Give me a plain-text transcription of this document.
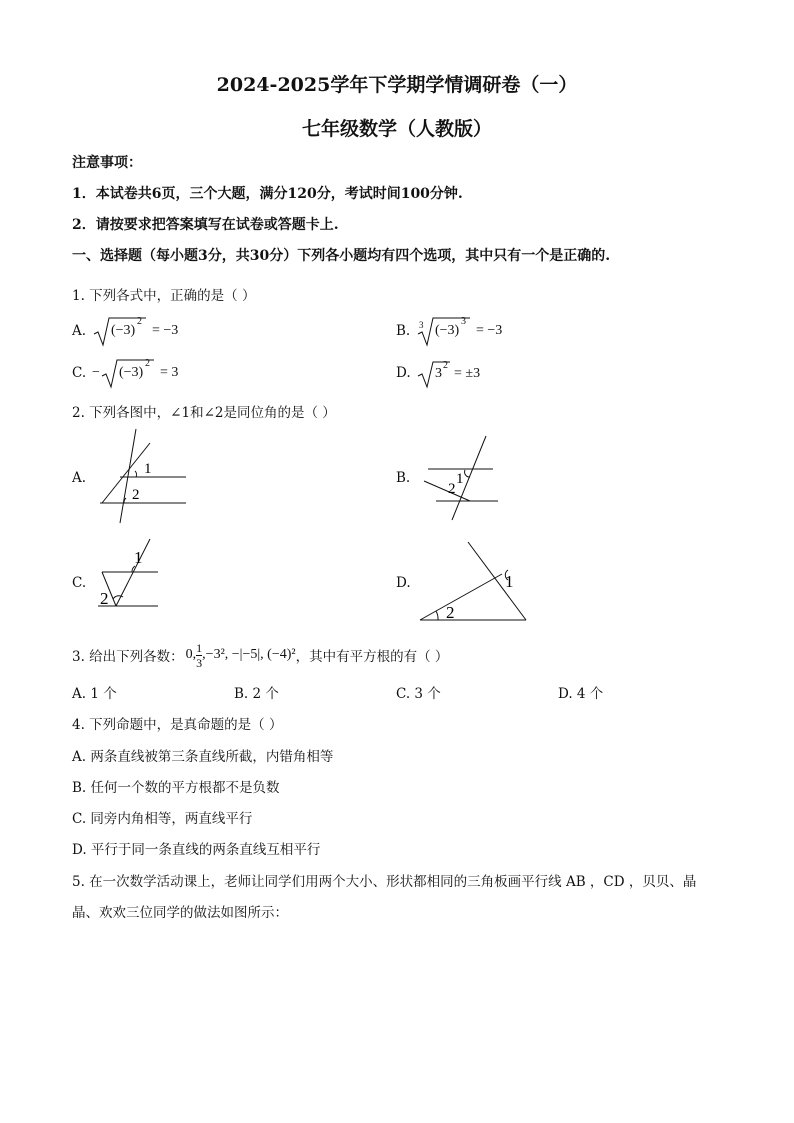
2024-2025学年下学期学情调研卷（一）
七年级数学（人教版）
注意事项：
1．本试卷共6页，三个大题，满分120分，考试时间100分钟.
2．请按要求把答案填写在试卷或答题卡上.
一、选择题（每小题3分，共30分）下列各小题均有四个选项，其中只有一个是正确的.
1. 下列各式中，正确的是（ ）
A. (−3)
2
= −3	B. 3 (−3)
3
= −3
C. − (−3)
2
= 3	D. 3
2
= ±3
2. 下列各图中，∠1和∠2是同位角的是（ ）
A.
1
2
B.	1
2
C.
1
2
D.	1
2
3. 给出下列各数： 0, $\frac{1}{3} ,-3^2$, −|−5|, (−4)² ，其中有平方根的有（ ）
A. 1 个	B. 2 个	C. 3 个	D. 4 个
4. 下列命题中，是真命题的是（ ）
A. 两条直线被第三条直线所截，内错角相等
B. 任何一个数的平方根都不是负数
C. 同旁内角相等，两直线平行
D. 平行于同一条直线的两条直线互相平行
5. 在一次数学活动课上，老师让同学们用两个大小、形状都相同的三角板画平行线 AB ，CD ，贝贝、晶
晶、欢欢三位同学的做法如图所示：
